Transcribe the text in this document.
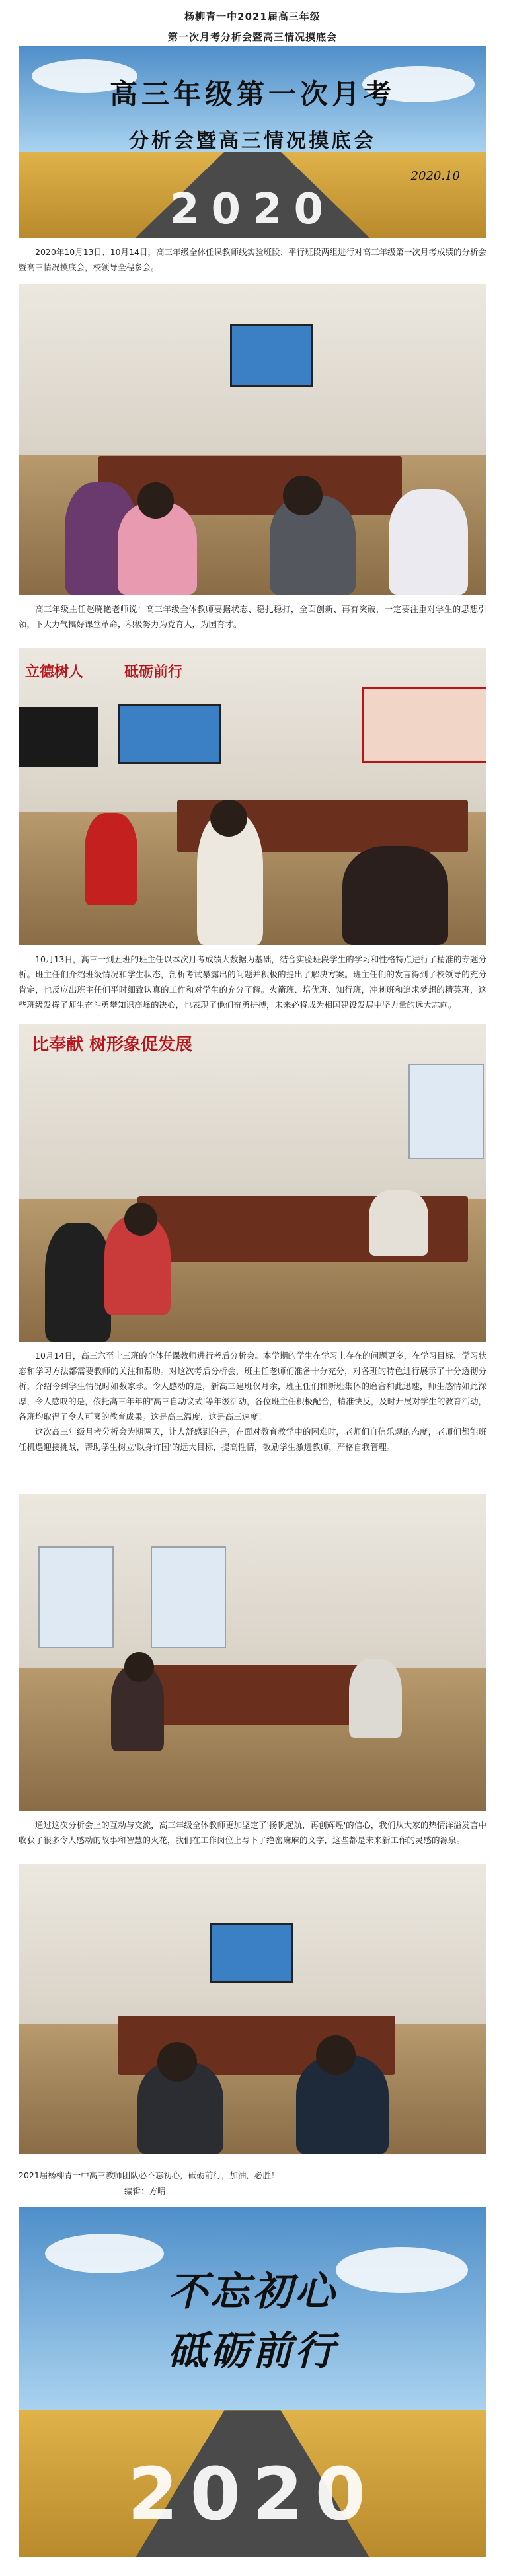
杨柳青一中2021届高三年级
第一次月考分析会暨高三情况摸底会
高三年级第一次月考
分析会暨高三情况摸底会
2020.10
2020

2020年10月13日、10月14日，高三年级全体任课教师线实验班段、平行班段两组进行对高三年级第一次月考成绩的分析会暨高三情况摸底会，校领导全程参会。

高三年级主任赵晓艳老师说：高三年级全体教师要据状态、稳扎稳打，全面创新、再有突破，一定要注重对学生的思想引领，下大力气搞好课堂革命，积极努力为党育人，为国育才。

立德树人	砥砺前行

10月13日，高三一到五班的班主任以本次月考成绩大数据为基础，结合实验班段学生的学习和性格特点进行了精准的专题分析。班主任们介绍班级情况和学生状态，剖析考试暴露出的问题并积极的提出了解决方案。班主任们的发言得到了校领导的充分肯定，也反应出班主任们平时细致认真的工作和对学生的充分了解。火箭班、培优班、知行班，冲刺班和追求梦想的精英班，这些班级发挥了师生奋斗勇攀知识高峰的决心，也表现了他们奋勇拼搏，未来必将成为相国建设发展中坚力量的远大志向。

比奉献 树形象促发展

10月14日，高三六至十三班的全体任课教师进行考后分析会。本学期的学生在学习上存在的问题更多，在学习目标、学习状态和学习方法都需要教师的关注和帮助。对这次考后分析会，班主任老师们准备十分充分，对各班的特色进行展示了十分透彻分析，介绍今到学生情况时如数家珍。令人感动的是，新高三建班仅月余，班主任们和新班集体的磨合和此迅速，师生感情如此深厚，令人感叹的是，依托高三年年的'高三自动议式'等年级活动，各位班主任积极配合，精准快反，及时开展对学生的教育活动，各班均取得了令人可喜的教育成果。这是高三温度，这是高三速度！

这次高三年级月考分析会为期两天，让人舒感到的是，在面对教育教学中的困难时，老师们自信乐观的态度，老师们都能班任机遇迎接挑战，帮助学生树立'以身许国'的远大目标，提高性情，敬励学生激进教师，严格自我管理。

通过这次分析会上的互动与交流，高三年级全体教师更加坚定了'扬帆起航，再创辉煌'的信心，我们从大家的热情洋溢发言中收获了很多令人感动的故事和智慧的火花，我们在工作岗位上写下了绝密麻麻的文字，这些都是未来新工作的灵感的源泉。

2021届杨柳青一中高三教师团队必不忘初心，砥砺前行，加油，必胜！
编辑：方晴
不忘初心
砥砺前行
2020
